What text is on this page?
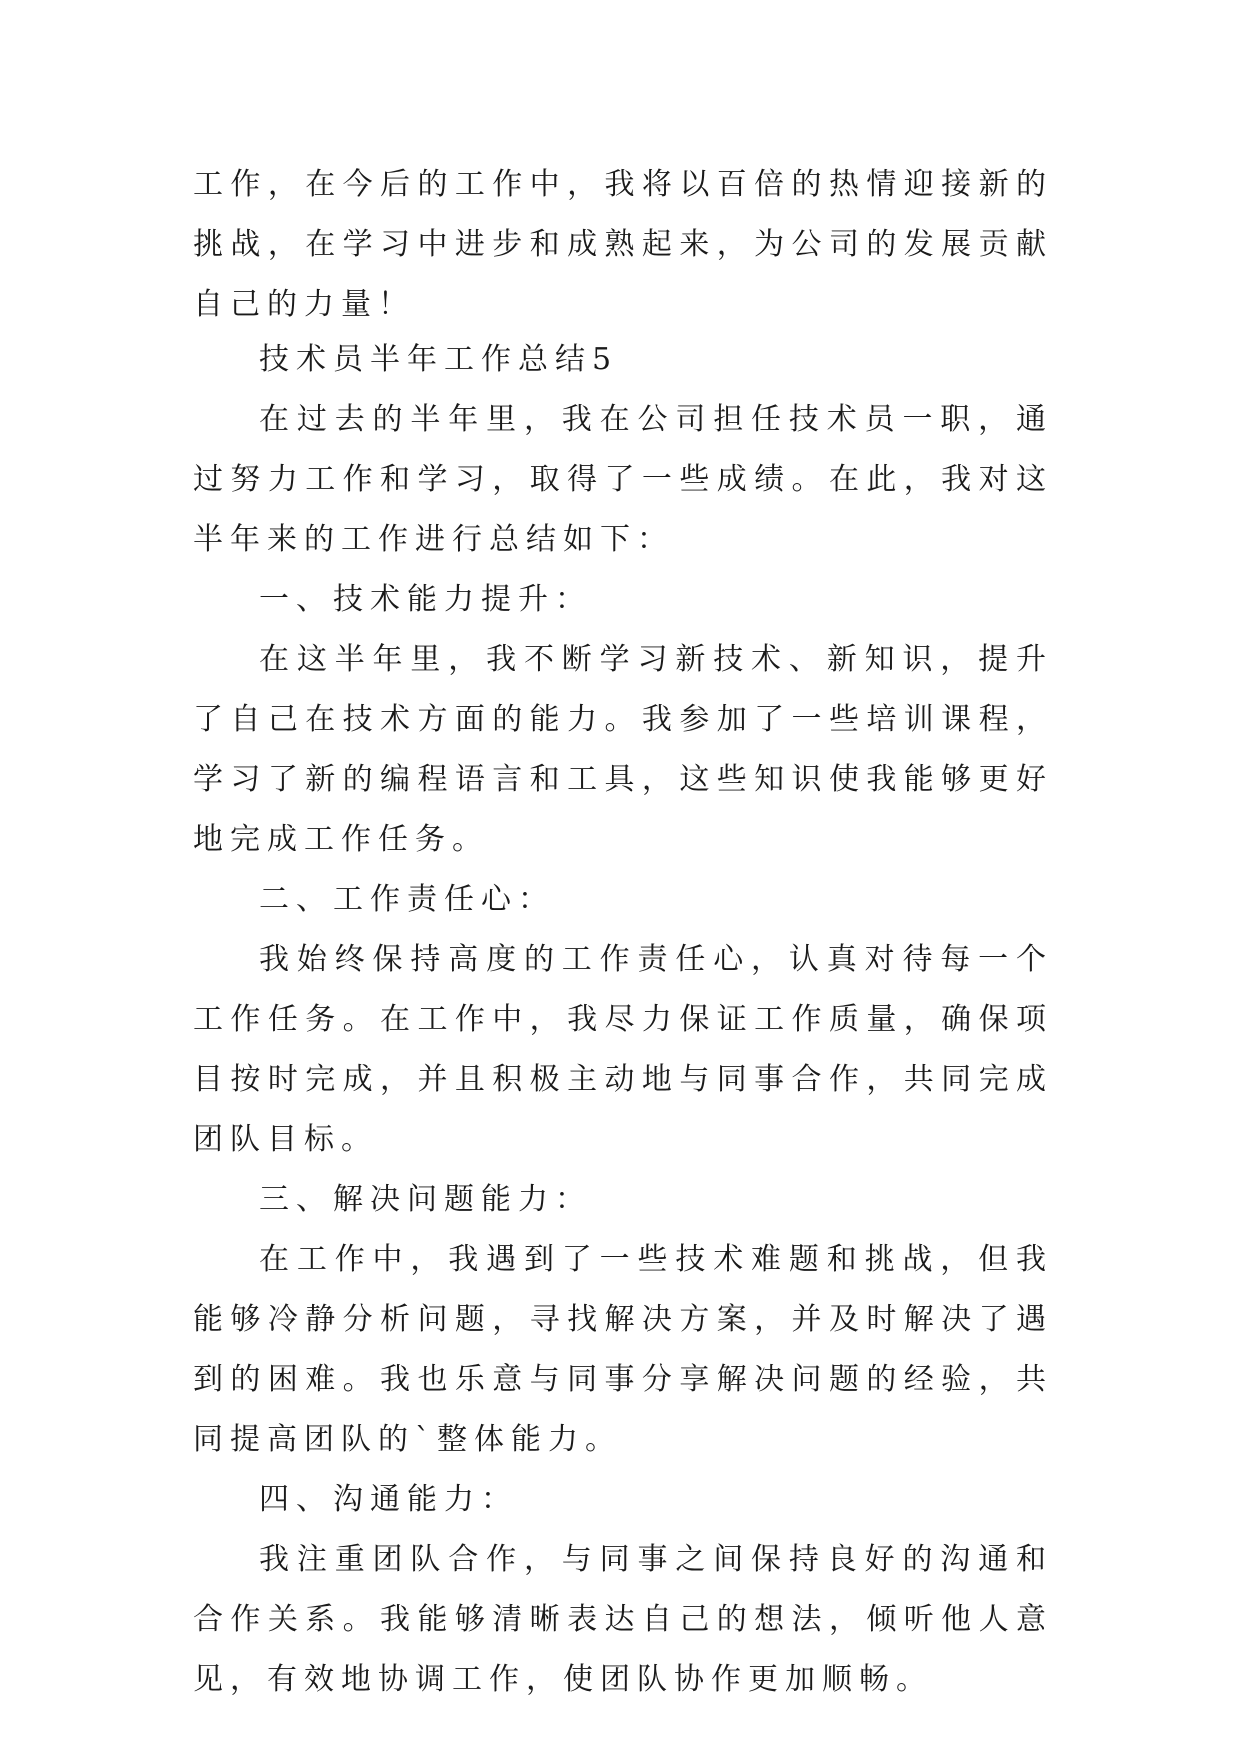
工作，在今后的工作中，我将以百倍的热情迎接新的挑战，在学习中进步和成熟起来，为公司的发展贡献自己的力量！

技术员半年工作总结5

在过去的半年里，我在公司担任技术员一职，通过努力工作和学习，取得了一些成绩。在此，我对这半年来的工作进行总结如下：

一、技术能力提升：

在这半年里，我不断学习新技术、新知识，提升了自己在技术方面的能力。我参加了一些培训课程，学习了新的编程语言和工具，这些知识使我能够更好地完成工作任务。

二、工作责任心：

我始终保持高度的工作责任心，认真对待每一个工作任务。在工作中，我尽力保证工作质量，确保项目按时完成，并且积极主动地与同事合作，共同完成团队目标。

三、解决问题能力：

在工作中，我遇到了一些技术难题和挑战，但我能够冷静分析问题，寻找解决方案，并及时解决了遇到的困难。我也乐意与同事分享解决问题的经验，共同提高团队的`整体能力。

四、沟通能力：

我注重团队合作，与同事之间保持良好的沟通和合作关系。我能够清晰表达自己的想法，倾听他人意见，有效地协调工作，使团队协作更加顺畅。
